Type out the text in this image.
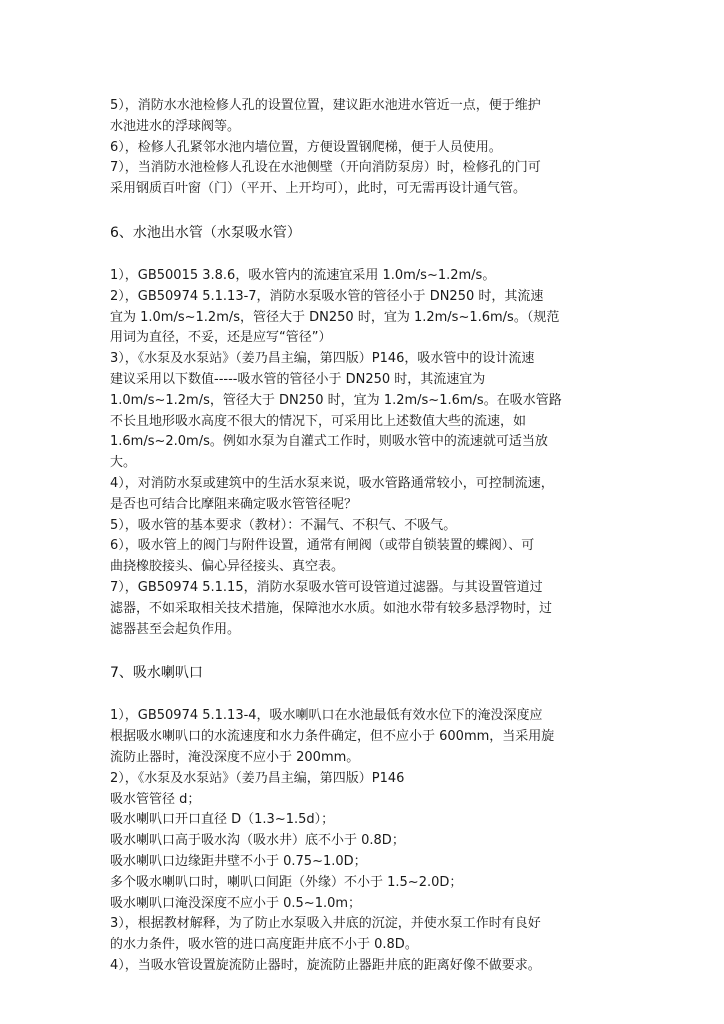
5），消防水水池检修人孔的设置位置，建议距水池进水管近一点，便于维护
水池进水的浮球阀等。
6），检修人孔紧邻水池内墙位置，方便设置钢爬梯，便于人员使用。
7），当消防水池检修人孔设在水池侧壁（开向消防泵房）时，检修孔的门可
采用钢质百叶窗（门）（平开、上开均可），此时，可无需再设计通气管。
6、水池出水管（水泵吸水管）
1），GB50015 3.8.6，吸水管内的流速宜采用 1.0m/s~1.2m/s。
2），GB50974 5.1.13-7，消防水泵吸水管的管径小于 DN250 时，其流速
宜为 1.0m/s~1.2m/s，管径大于 DN250 时，宜为 1.2m/s~1.6m/s。（规范
用词为直径，不妥，还是应写“管径”）
3），《水泵及水泵站》（姜乃昌主编，第四版）P146，吸水管中的设计流速
建议采用以下数值-----吸水管的管径小于 DN250 时，其流速宜为
1.0m/s~1.2m/s，管径大于 DN250 时，宜为 1.2m/s~1.6m/s。在吸水管路
不长且地形吸水高度不很大的情况下，可采用比上述数值大些的流速，如
1.6m/s~2.0m/s。例如水泵为自灌式工作时，则吸水管中的流速就可适当放
大。
4），对消防水泵或建筑中的生活水泵来说，吸水管路通常较小，可控制流速，
是否也可结合比摩阻来确定吸水管管径呢？
5），吸水管的基本要求（教材）：不漏气、不积气、不吸气。
6），吸水管上的阀门与附件设置，通常有闸阀（或带自锁装置的蝶阀）、可
曲挠橡胶接头、偏心异径接头、真空表。
7），GB50974 5.1.15，消防水泵吸水管可设管道过滤器。与其设置管道过
滤器，不如采取相关技术措施，保障池水水质。如池水带有较多悬浮物时，过
滤器甚至会起负作用。
7、吸水喇叭口
1），GB50974 5.1.13-4，吸水喇叭口在水池最低有效水位下的淹没深度应
根据吸水喇叭口的水流速度和水力条件确定，但不应小于 600mm，当采用旋
流防止器时，淹没深度不应小于 200mm。
2），《水泵及水泵站》（姜乃昌主编，第四版）P146
吸水管管径 d；
吸水喇叭口开口直径 D（1.3~1.5d）；
吸水喇叭口高于吸水沟（吸水井）底不小于 0.8D；
吸水喇叭口边缘距井壁不小于 0.75~1.0D；
多个吸水喇叭口时，喇叭口间距（外缘）不小于 1.5~2.0D；
吸水喇叭口淹没深度不应小于 0.5~1.0m；
3），根据教材解释，为了防止水泵吸入井底的沉淀，并使水泵工作时有良好
的水力条件，吸水管的进口高度距井底不小于 0.8D。
4），当吸水管设置旋流防止器时，旋流防止器距井底的距离好像不做要求。
